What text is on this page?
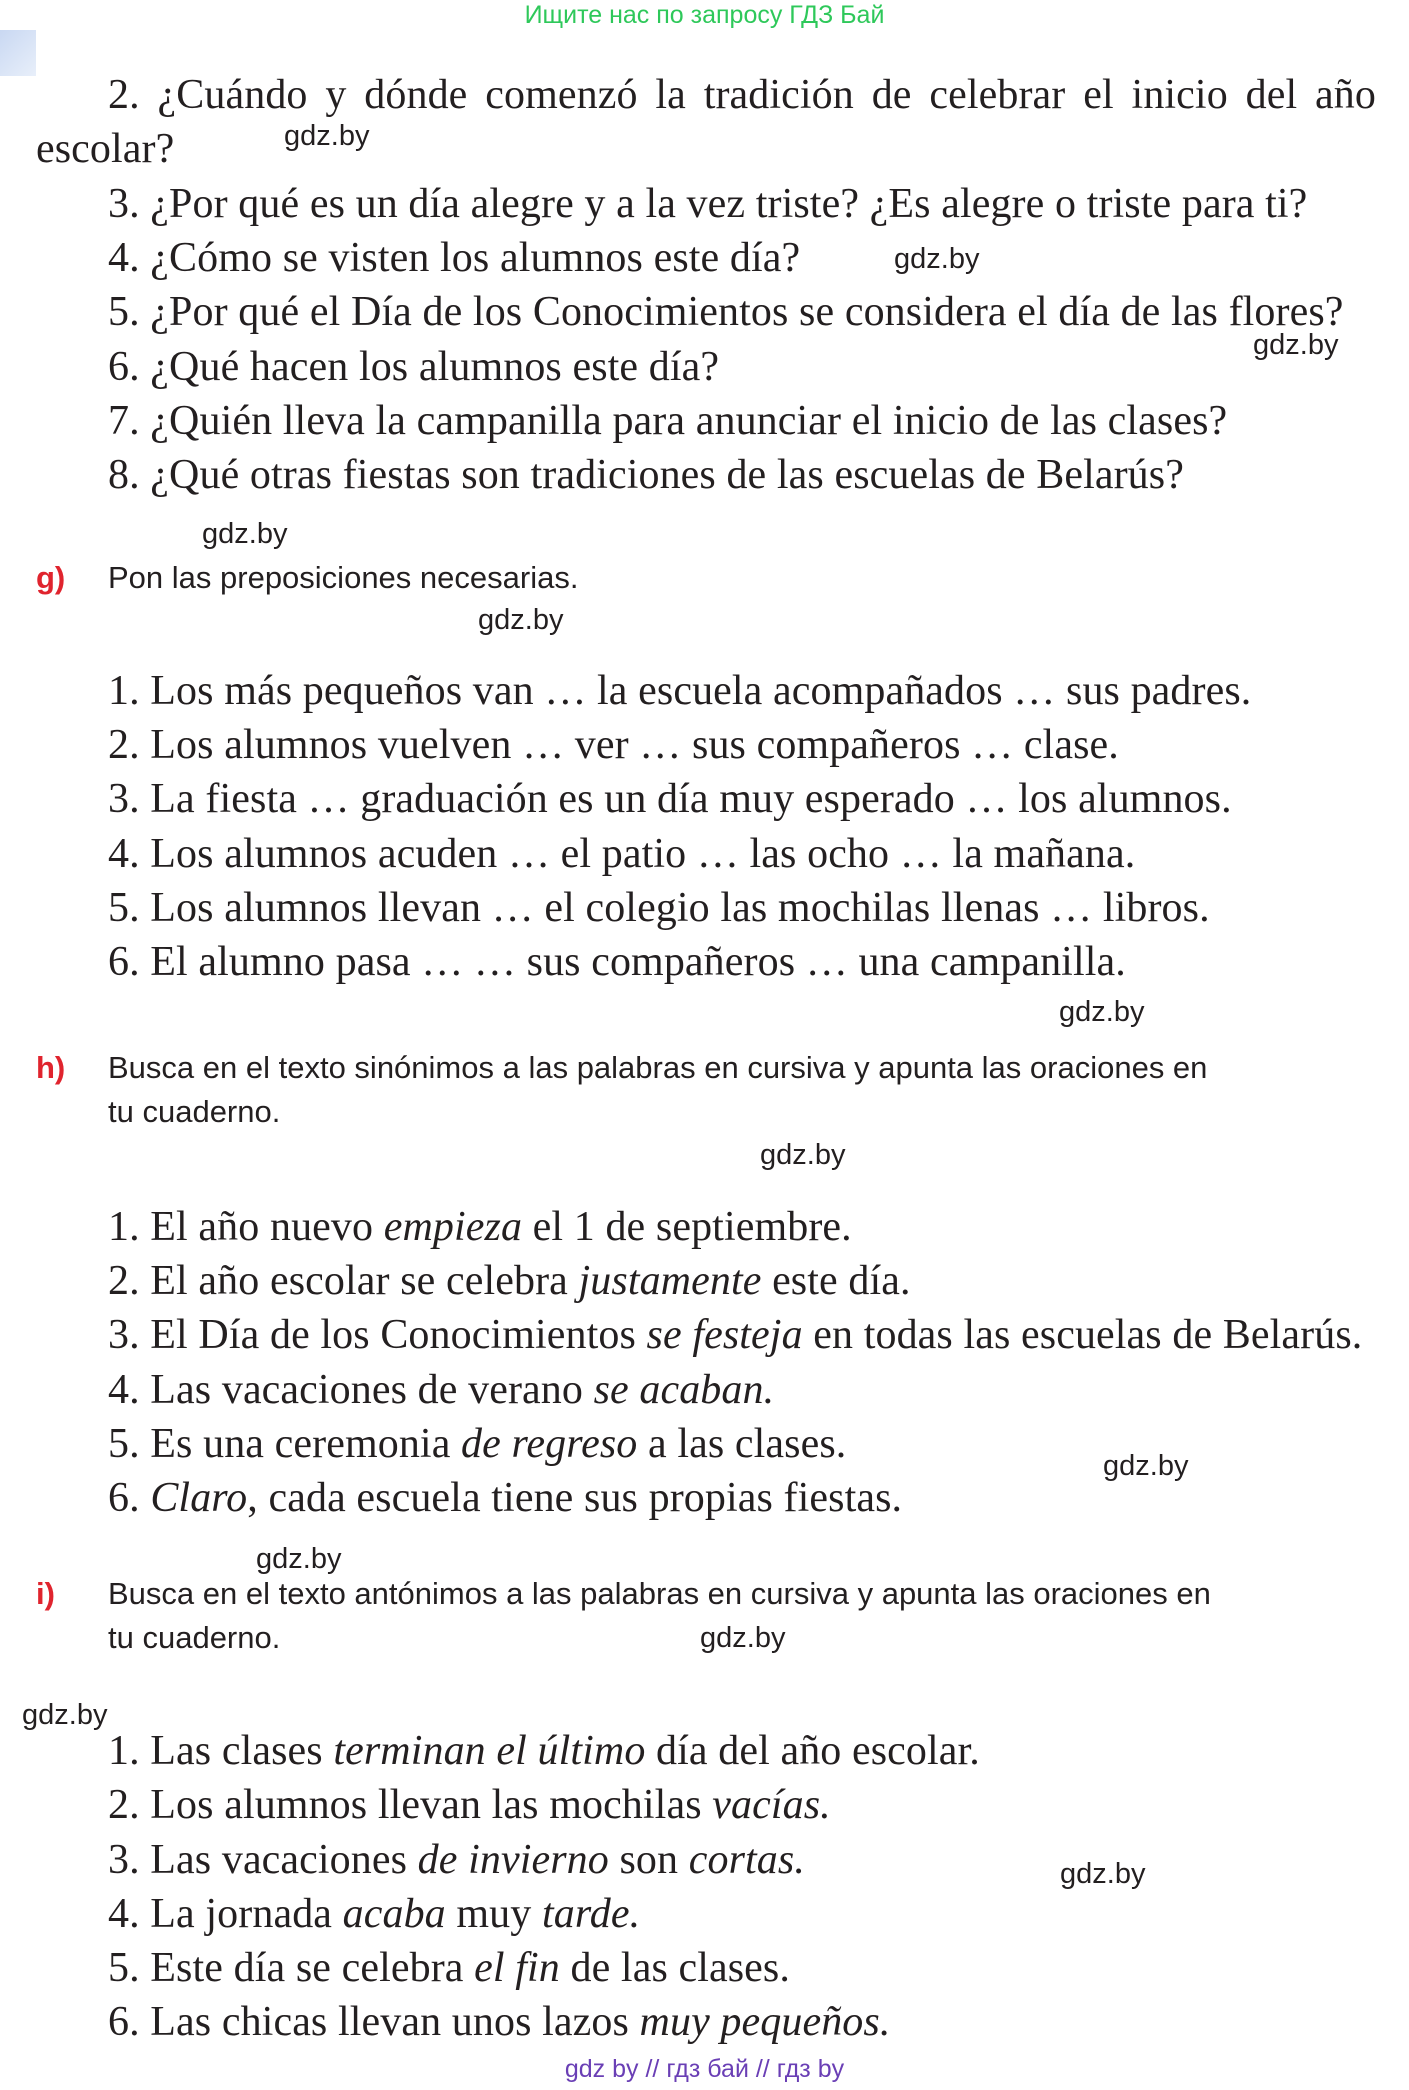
Ищите нас по запросу ГДЗ Бай
2. ¿Cuándo y dónde comenzó la tradición de celebrar el inicio del año
escolar?
3. ¿Por qué es un día alegre y a la vez triste? ¿Es alegre o triste para ti?
4. ¿Cómo se visten los alumnos este día?
5. ¿Por qué el Día de los Conocimientos se considera el día de las flores?
6. ¿Qué hacen los alumnos este día?
7. ¿Quién lleva la campanilla para anunciar el inicio de las clases?
8. ¿Qué otras fiestas son tradiciones de las escuelas de Belarús?
g) Pon las preposiciones necesarias.
1. Los más pequeños van … la escuela acompañados … sus padres.
2. Los alumnos vuelven … ver … sus compañeros … clase.
3. La fiesta … graduación es un día muy esperado … los alumnos.
4. Los alumnos acuden … el patio … las ocho … la mañana.
5. Los alumnos llevan … el colegio las mochilas llenas … libros.
6. El alumno pasa … … sus compañeros … una campanilla.
h) Busca en el texto sinónimos a las palabras en cursiva y apunta las oraciones en
tu cuaderno.
1. El año nuevo empieza el 1 de septiembre.
2. El año escolar se celebra justamente este día.
3. El Día de los Conocimientos se festeja en todas las escuelas de Belarús.
4. Las vacaciones de verano se acaban.
5. Es una ceremonia de regreso a las clases.
6. Claro, cada escuela tiene sus propias fiestas.
i) Busca en el texto antónimos a las palabras en cursiva y apunta las oraciones en
tu cuaderno.
1. Las clases terminan el último día del año escolar.
2. Los alumnos llevan las mochilas vacías.
3. Las vacaciones de invierno son cortas.
4. La jornada acaba muy tarde.
5. Este día se celebra el fin de las clases.
6. Las chicas llevan unos lazos muy pequeños.
gdz.by
gdz.by
gdz.by
gdz.by
gdz.by
gdz.by
gdz.by
gdz.by
gdz.by
gdz.by
gdz.by
gdz.by
gdz by // гдз бай // гдз by
